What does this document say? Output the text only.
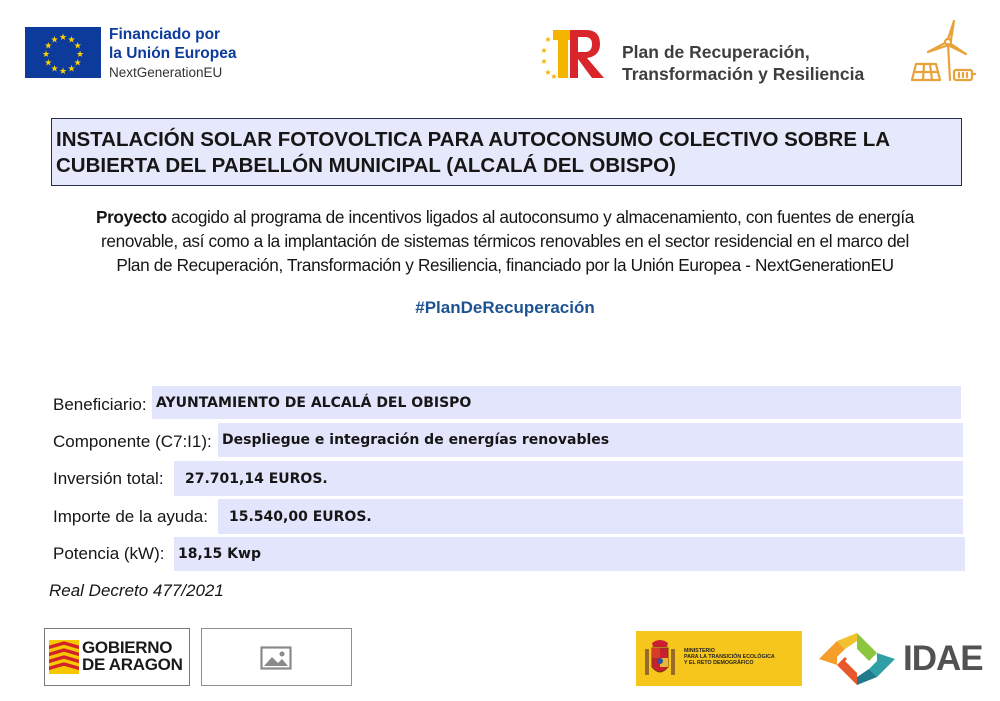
★ ★
★
★
★
★
★
★
★
★
★
★	Financiado por
la Unión Europea
NextGenerationEU
★
★
★
★
★
Plan de Recuperación,
Transformación y Resiliencia
INSTALACIÓN SOLAR FOTOVOLTICA PARA AUTOCONSUMO COLECTIVO SOBRE LA
CUBIERTA DEL PABELLÓN MUNICIPAL (ALCALÁ DEL OBISPO)
Proyecto acogido al programa de incentivos ligados al autoconsumo y almacenamiento, con fuentes de energía
renovable, así como a la implantación de sistemas térmicos renovables en el sector residencial en el marco del
Plan de Recuperación, Transformación y Resiliencia, financiado por la Unión Europea - NextGenerationEU
#PlanDeRecuperación
Beneficiario: AYUNTAMIENTO DE ALCALÁ DEL OBISPO
Componente (C7:I1): Despliegue e integración de energías renovables
Inversión total:	27.701,14 EUROS.
Importe de la ayuda:	15.540,00 EUROS.
Potencia (kW): 18,15 Kwp
Real Decreto 477/2021
GOBIERNO
DE ARAGON
MINISTERIO
PARA LA TRANSICIÓN ECOLÓGICA
Y EL RETO DEMOGRÁFICO	IDAE
